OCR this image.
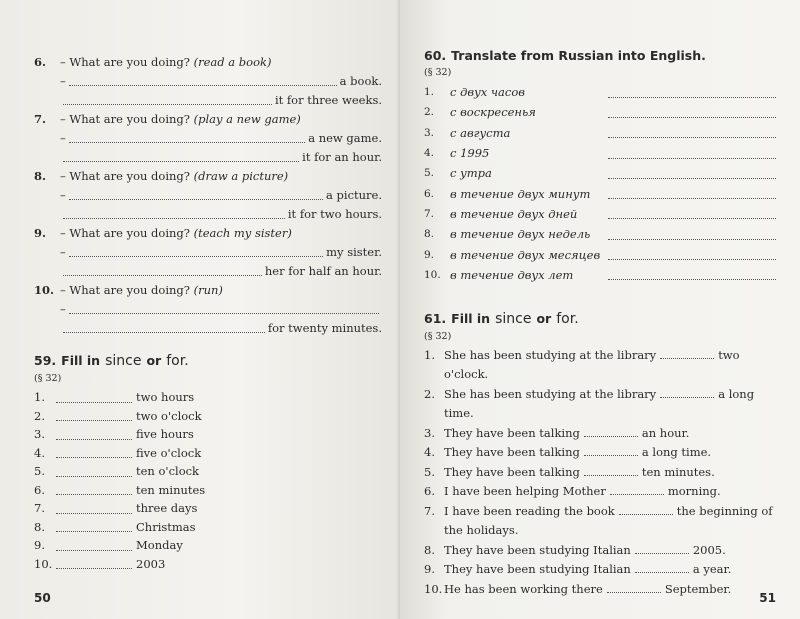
6.	– What are you doing? (read a book)
–	a book.
it for three weeks.
7.	– What are you doing? (play a new game)
–	a new game.
it for an hour.
8.	– What are you doing? (draw a picture)
–	a picture.
it for two hours.
9.	– What are you doing? (teach my sister)
–	my sister.
her for half an hour.
10. – What are you doing? (run)
–
for twenty minutes.
59. Fill in since or for.
(§ 32)
1.	two hours
2.	two o'clock
3.	five hours
4.	five o'clock
5.	ten o'clock
6.	ten minutes
7.	three days
8.	Christmas
9.	Monday
10.	2003
50
60. Translate from Russian into English.
(§ 32)
1.	с двух часов
2.	с воскресенья
3.	с августа
4.	с 1995
5.	с утра
6.	в течение двух минут
7.	в течение двух дней
8.	в течение двух недель
9.	в течение двух месяцев
10. в течение двух лет
61. Fill in since or for.
(§ 32)
1. She has been studying at the library	two o'clock.
2. She has been studying at the library	a long time.
3. They have been talking	an hour.
4. They have been talking	a long time.
5. They have been talking	ten minutes.
6. I have been helping Mother	morning.
7. I have been reading the book	the beginning of the holidays.
8. They have been studying Italian	2005.
9. They have been studying Italian	a year.
10. He has been working there	September.
51
